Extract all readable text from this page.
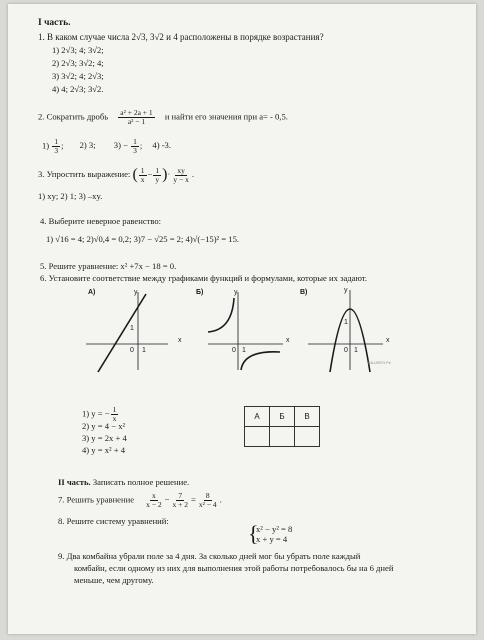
I часть.
1. В каком случае числа 2√3, 3√2 и 4 расположены в порядке возрастания?
1) 2√3; 4; 3√2;
2) 2√3; 3√2; 4;
3) 3√2; 4; 2√3;
4) 4; 2√3; 3√2.
2. Сократить дробь $\frac{\text{a² + 2a + 1}}{\text{a² − 1}}$ и найти его значения при a= - 0,5.
$1) \frac{1}{3}$ ; 2) 3; $3) - \frac{1}{3}$ ; 4) -3.
3. Упростить выражение: ( $\frac{1}{x} - \frac{1}{y}$ )· $\frac{xy}{y - x}$ .
1) xy; 2) 1; 3) –xy.
4. Выберите неверное равенство:
1) √16 = 4; 2)√0,4 = 0,2; 3)7 − √25 = 2; 4)√(−15)² = 15.
5. Решите уравнение: x² +7x − 18 = 0.
6. Установите соответствие между графиками функций и формулами, которые их задают.
А)	y
x
0 1
1
Б)	y
x
0 1
В)	y
x
0 1
1
BILUSFO Fe
1) y = − $\frac{1}{x}$
2) y = 4 − x²
3) y = 2x + 4
4) y = x² + 4
А	Б	В

II часть. Записать полное решение.
7. Решить уравнение $\frac{x}{x - 2} - \frac{7}{x + 2} = \frac{8}{\text{x² − 4}}$ .
8. Решите систему уравнений:	{
x² − y² = 8
x + y = 4
9. Два комбайна убрали поле за 4 дня. За сколько дней мог бы убрать поле каждый
комбайн, если одному из них для выполнения этой работы потребовалось бы на 6 дней
меньше, чем другому.
